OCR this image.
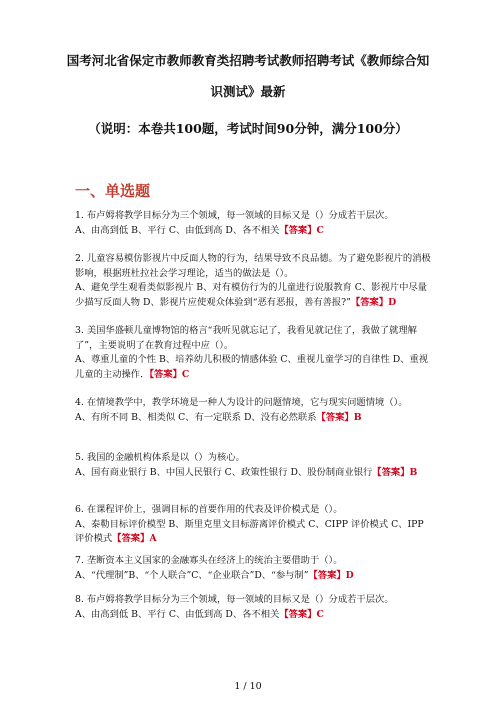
国考河北省保定市教师教育类招聘考试教师招聘考试《教师综合知
识测试》最新
（说明：本卷共100题，考试时间90分钟，满分100分）
一、单选题

1. 布卢姆将教学目标分为三个领域，每一领域的目标又是（）分成若干层次。

A、由高到低 B、平行 C、由低到高 D、各不相关【答案】C

2. 儿童容易模仿影视片中反面人物的行为，结果导致不良品德。为了避免影视片的消极影响，根据班杜拉社会学习理论，适当的做法是（）。

A、避免学生观看类似影视片 B、对有模仿行为的儿童进行说服教育 C、影视片中尽量少描写反面人物 D、影视片应使观众体验到“恶有恶报，善有善报?”【答案】D

3. 美国华盛顿儿童博物馆的格言“我听见就忘记了，我看见就记住了，我做了就理解了”，主要说明了在教育过程中应（）。

A、尊重儿童的个性 B、培养幼儿积极的情感体验 C、重视儿童学习的自律性 D、重视儿童的主动操作．【答案】C

4. 在情境教学中，教学环境是一种人为设计的问题情境，它与现实问题情境（）。

A、有所不同 B、相类似 C、有一定联系 D、没有必然联系【答案】B

5. 我国的金融机构体系是以（）为核心。

A、国有商业银行 B、中国人民银行 C、政策性银行 D、股份制商业银行【答案】B

6. 在课程评价上，强调目标的首要作用的代表及评价模式是（）。

A、泰勒目标评价模型 B、斯里克里文目标游离评价模式 C、CIPP 评价模式 C、IPP 评价模式【答案】A

7. 垄断资本主义国家的金融寡头在经济上的统治主要借助于（）。

A、“代理制”B、“个人联合”C、“企业联合”D、“参与制”【答案】D

8. 布卢姆将教学目标分为三个领域，每一领域的目标又是（）分成若干层次。

A、由高到低 B、平行 C、由低到高 D、各不相关【答案】C

1 / 10
